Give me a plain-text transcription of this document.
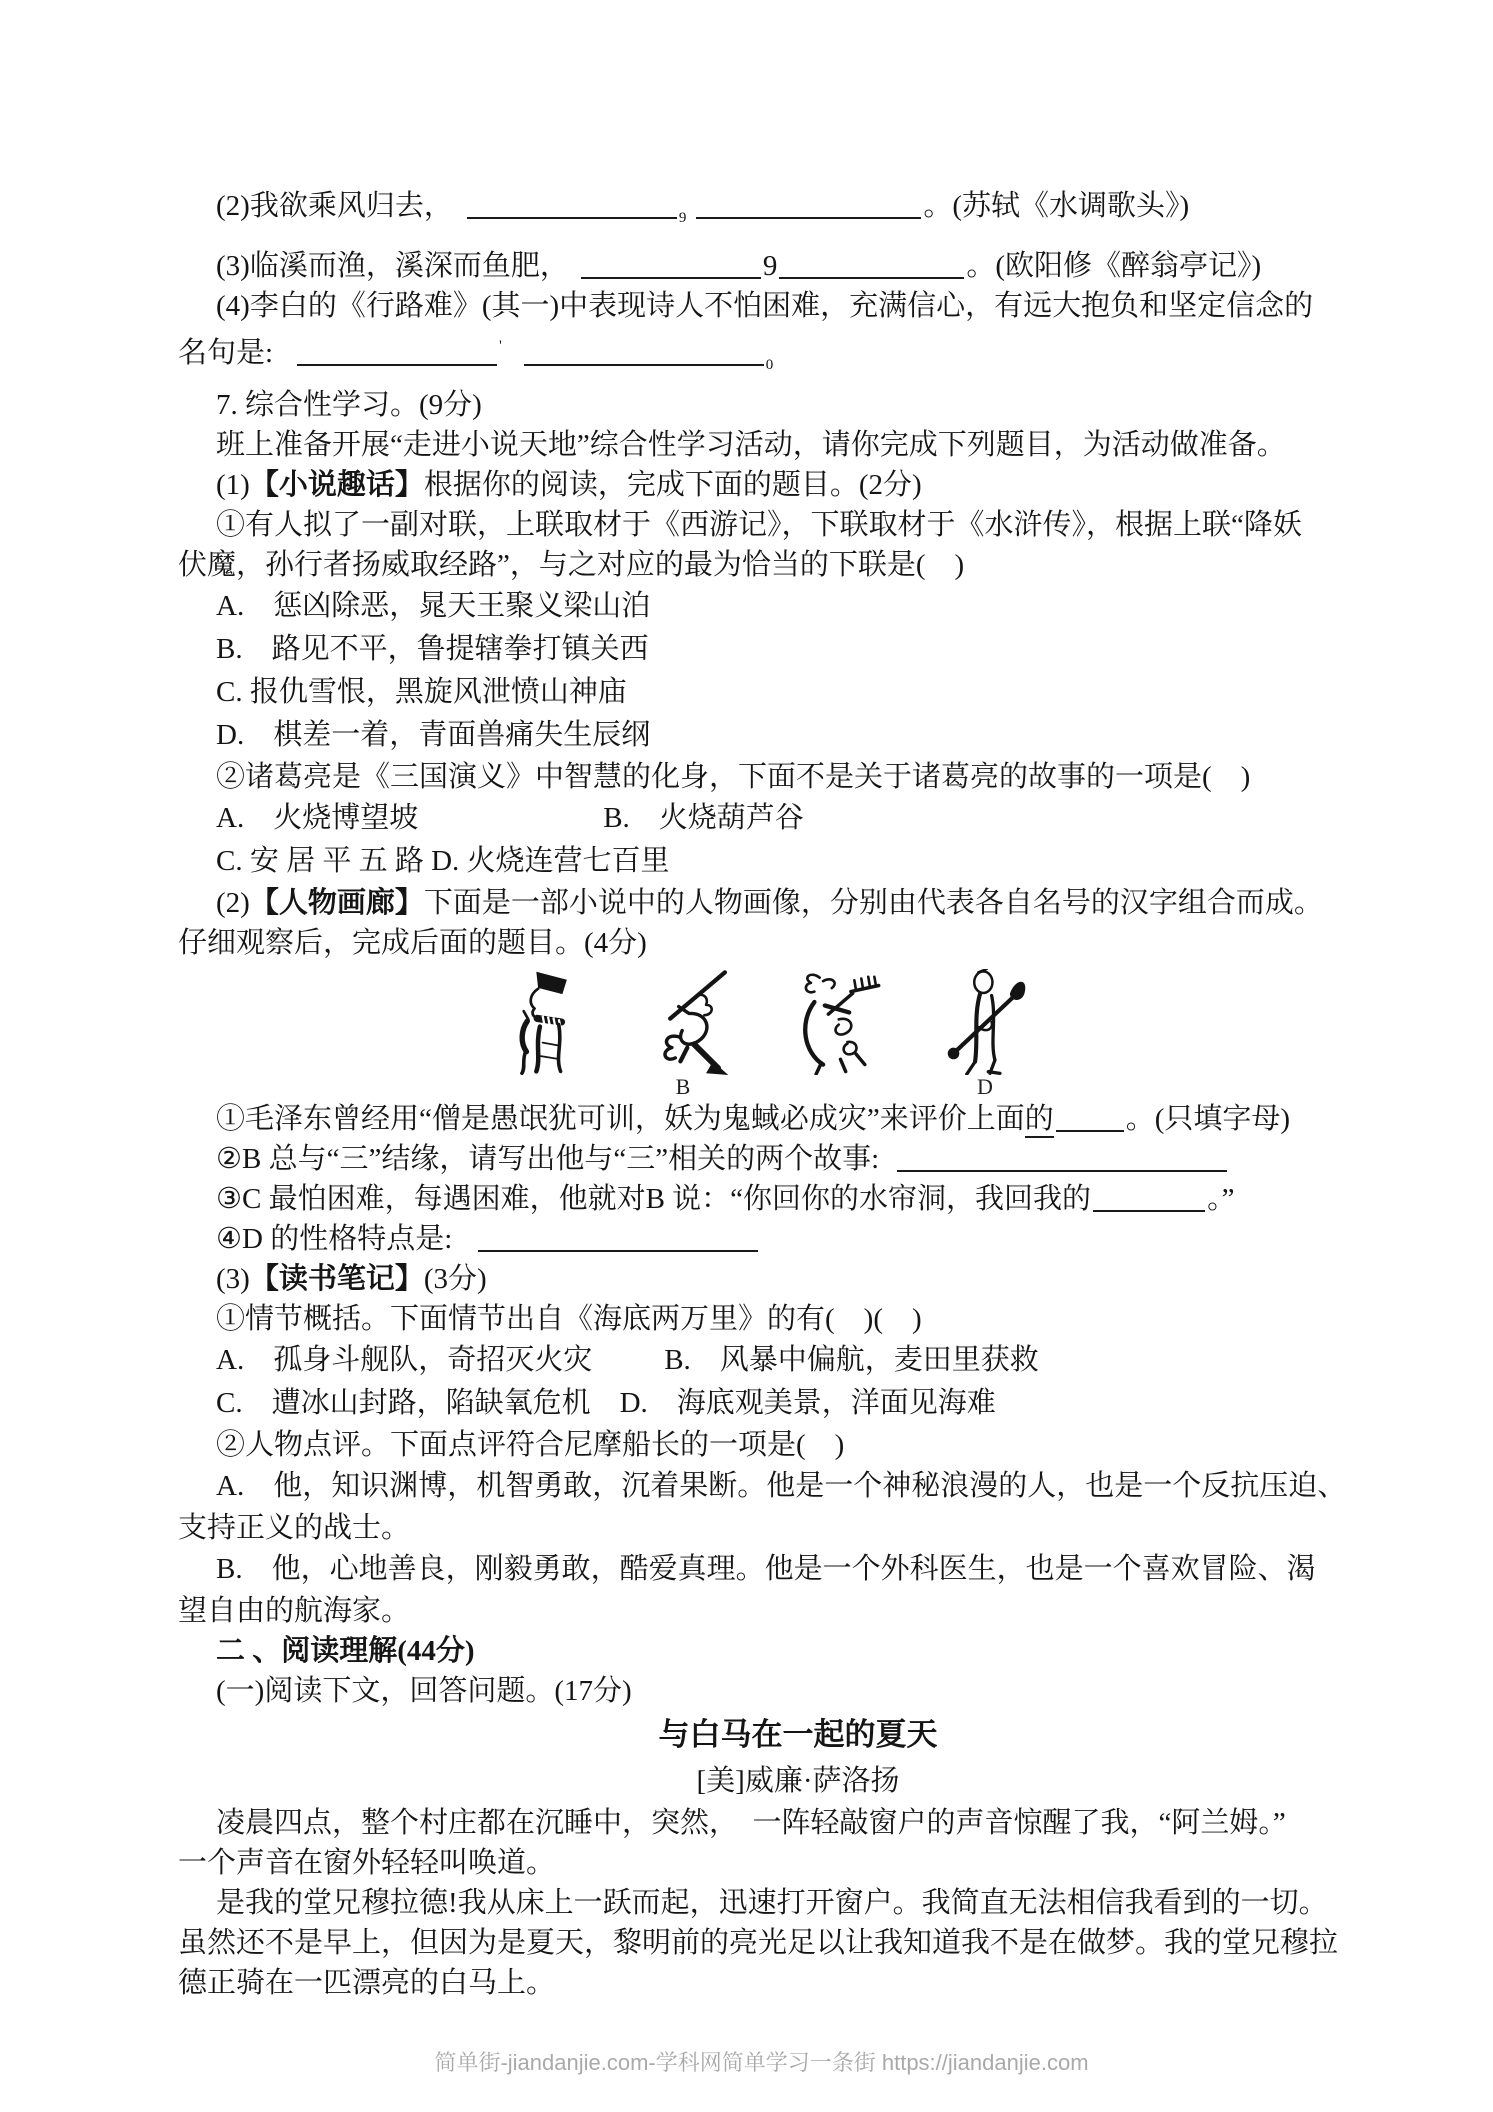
(2)我欲乘风归去，	$_9$	。(苏轼《水调歌头》)
(3)临溪而渔，溪深而鱼肥，	9	。(欧阳修《醉翁亭记》)
(4)李白的《行路难》(其一)中表现诗人不怕困难，充满信心，有远大抱负和坚定信念的
名句是:	'$_0$
7. 综合性学习。(9分)
班上准备开展“走进小说天地”综合性学习活动，请你完成下列题目，为活动做准备。
(1)【小说趣话】根据你的阅读，完成下面的题目。(2分)
①有人拟了一副对联，上联取材于《西游记》，下联取材于《水浒传》，根据上联“降妖
伏魔，孙行者扬威取经路”，与之对应的最为恰当的下联是(　)
A.　惩凶除恶，晁天王聚义梁山泊
B.　路见不平，鲁提辖拳打镇关西
C. 报仇雪恨，黑旋风泄愤山神庙
D.　棋差一着，青面兽痛失生辰纲
②诸葛亮是《三国演义》中智慧的化身，下面不是关于诸葛亮的故事的一项是(　)
A.　火烧博望坡	B.　火烧葫芦谷
C. 安 居 平 五 路 D. 火烧连营七百里
(2)【人物画廊】下面是一部小说中的人物画像，分别由代表各自名号的汉字组合而成。
仔细观察后，完成后面的题目。(4分)
B	D
①毛泽东曾经用“僧是愚氓犹可训，妖为鬼蜮必成灾”来评价上面的 。(只填字母)
②B 总与“三”结缘，请写出他与“三”相关的两个故事:
③C 最怕困难，每遇困难，他就对B 说：“你回你的水帘洞，我回我的	。”
④D 的性格特点是:
(3)【读书笔记】(3分)
①情节概括。下面情节出自《海底两万里》的有(　)(　)
A.　孤身斗舰队，奇招灭火灾 B.　风暴中偏航，麦田里获救
C.　遭冰山封路，陷缺氧危机　D.　海底观美景，洋面见海难
②人物点评。下面点评符合尼摩船长的一项是(　)
A.　他，知识渊博，机智勇敢，沉着果断。他是一个神秘浪漫的人，也是一个反抗压迫、
支持正义的战士。
B.　他，心地善良，刚毅勇敢，酷爱真理。他是一个外科医生，也是一个喜欢冒险、渴
望自由的航海家。
二 、阅读理解(44分)
(一)阅读下文，回答问题。(17分)
与白马在一起的夏天
[美]威廉·萨洛扬
凌晨四点，整个村庄都在沉睡中，突然，　一阵轻敲窗户的声音惊醒了我，“阿兰姆。”
一个声音在窗外轻轻叫唤道。
是我的堂兄穆拉德!我从床上一跃而起，迅速打开窗户。我简直无法相信我看到的一切。
虽然还不是早上，但因为是夏天，黎明前的亮光足以让我知道我不是在做梦。我的堂兄穆拉
德正骑在一匹漂亮的白马上。
简单街-jiandanjie.com-学科网简单学习一条街 https://jiandanjie.com
